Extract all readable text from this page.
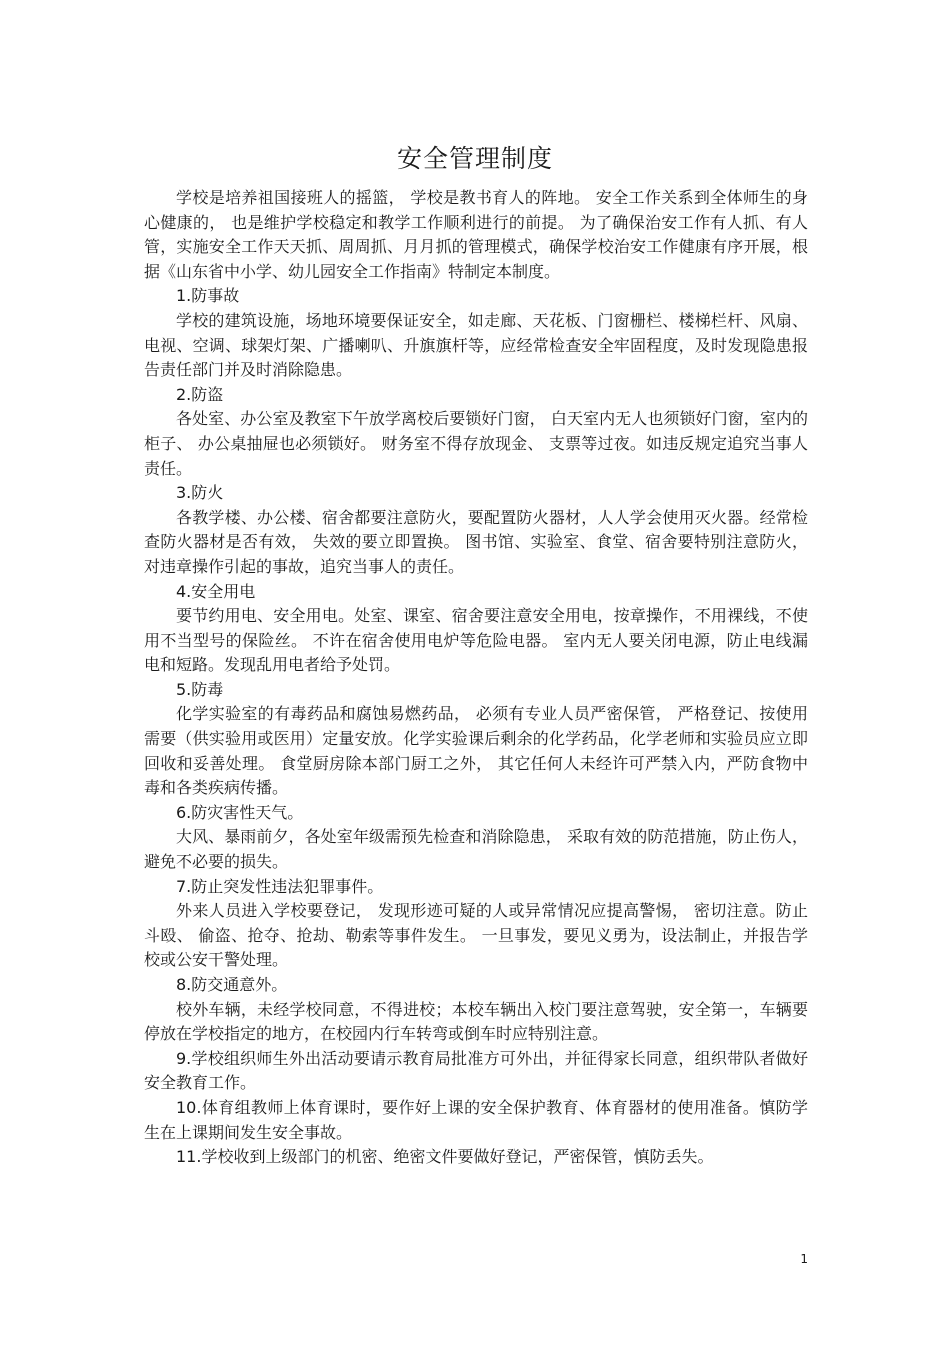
安全管理制度

学校是培养祖国接班人的摇篮， 学校是教书育人的阵地。 安全工作关系到全体师生的身心健康的， 也是维护学校稳定和教学工作顺利进行的前提。 为了确保治安工作有人抓、有人管，实施安全工作天天抓、周周抓、月月抓的管理模式，确保学校治安工作健康有序开展，根据《山东省中小学、幼儿园安全工作指南》特制定本制度。

1.防事故

学校的建筑设施，场地环境要保证安全，如走廊、天花板、门窗栅栏、楼梯栏杆、风扇、电视、空调、球架灯架、广播喇叭、升旗旗杆等，应经常检查安全牢固程度，及时发现隐患报告责任部门并及时消除隐患。

2.防盗

各处室、办公室及教室下午放学离校后要锁好门窗， 白天室内无人也须锁好门窗，室内的柜子、 办公桌抽屉也必须锁好。 财务室不得存放现金、 支票等过夜。如违反规定追究当事人责任。

3.防火

各教学楼、办公楼、宿舍都要注意防火，要配置防火器材，人人学会使用灭火器。经常检查防火器材是否有效， 失效的要立即置换。 图书馆、实验室、食堂、宿舍要特别注意防火，对违章操作引起的事故，追究当事人的责任。

4.安全用电

要节约用电、安全用电。处室、课室、宿舍要注意安全用电，按章操作，不用裸线，不使用不当型号的保险丝。 不许在宿舍使用电炉等危险电器。 室内无人要关闭电源，防止电线漏电和短路。发现乱用电者给予处罚。

5.防毒

化学实验室的有毒药品和腐蚀易燃药品， 必须有专业人员严密保管， 严格登记、按使用需要（供实验用或医用）定量安放。化学实验课后剩余的化学药品，化学老师和实验员应立即回收和妥善处理。 食堂厨房除本部门厨工之外， 其它任何人未经许可严禁入内，严防食物中毒和各类疾病传播。

6.防灾害性天气。

大风、暴雨前夕，各处室年级需预先检查和消除隐患， 采取有效的防范措施，防止伤人，避免不必要的损失。

7.防止突发性违法犯罪事件。

外来人员进入学校要登记， 发现形迹可疑的人或异常情况应提高警惕， 密切注意。防止斗殴、 偷盗、抢夺、抢劫、勒索等事件发生。 一旦事发，要见义勇为，设法制止，并报告学校或公安干警处理。

8.防交通意外。

校外车辆，未经学校同意，不得进校；本校车辆出入校门要注意驾驶，安全第一，车辆要停放在学校指定的地方，在校园内行车转弯或倒车时应特别注意。

9.学校组织师生外出活动要请示教育局批准方可外出，并征得家长同意，组织带队者做好安全教育工作。

10.体育组教师上体育课时，要作好上课的安全保护教育、体育器材的使用准备。慎防学生在上课期间发生安全事故。

11.学校收到上级部门的机密、绝密文件要做好登记，严密保管，慎防丢失。

1
